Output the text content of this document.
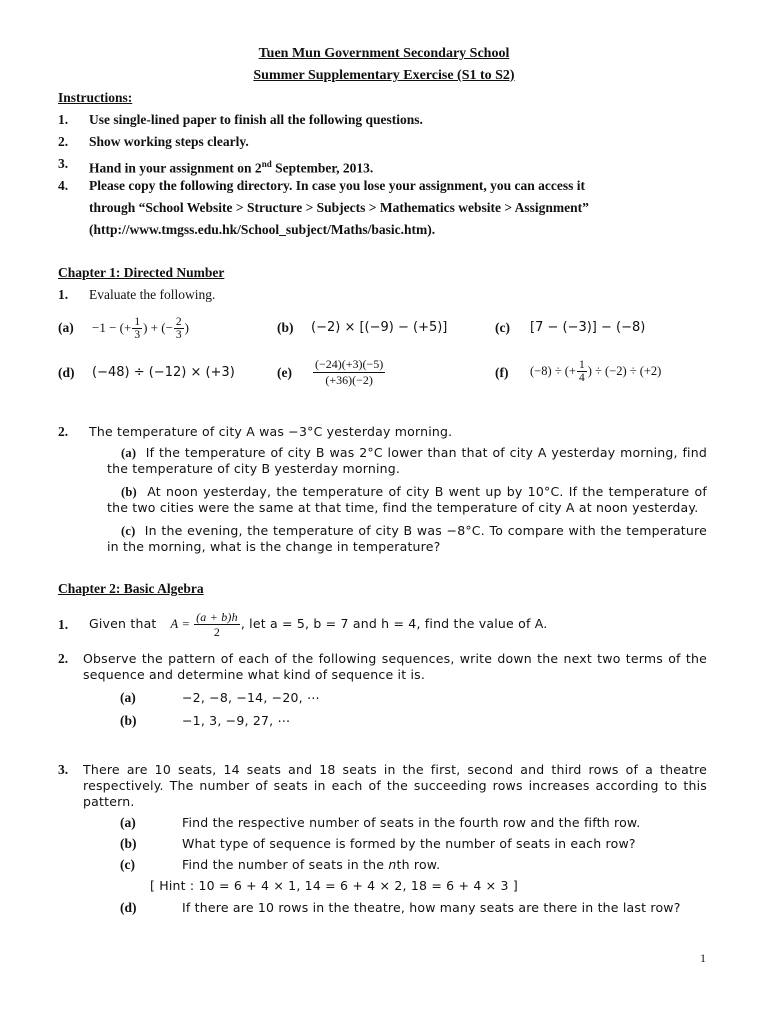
Tuen Mun Government Secondary School
Summer Supplementary Exercise (S1 to S2)
Instructions:
1. Use single-lined paper to finish all the following questions.
2. Show working steps clearly.
3. Hand in your assignment on 2nd September, 2013.
4. Please copy the following directory. In case you lose your assignment, you can access it
through “School Website > Structure > Subjects > Mathematics website > Assignment”
(http://www.tmgss.edu.hk/School_subject/Maths/basic.htm).
Chapter 1: Directed Number
1. Evaluate the following.
(a) −1 − (+ $\frac{1}{3}$ ) + (− $\frac{2}{3}$ )	(b) (−2) × [(−9) − (+5)]	(c) [7 − (−3)] − (−8)
(d) (−48) ÷ (−12) × (+3)	$(e) \frac{(-24)(+3)(-5)}{(+36)(-2)}$	(f) (−8) ÷ (+ $\frac{1}{4}$ ) ÷ (−2) ÷ (+2)
2. The temperature of city A was −3°C yesterday morning.
(a) If the temperature of city B was 2°C lower than that of city A yesterday morning, find the temperature of city B yesterday morning.
(b) At noon yesterday, the temperature of city B went up by 10°C. If the temperature of the two cities were the same at that time, find the temperature of city A at noon yesterday.
(c) In the evening, the temperature of city B was −8°C. To compare with the temperature in the morning, what is the change in temperature?
Chapter 2: Basic Algebra
1. Given that $A = \frac{(a + b)h}{2}$ , let a = 5, b = 7 and h = 4, find the value of A.
2. Observe the pattern of each of the following sequences, write down the next two terms of the sequence and determine what kind of sequence it is.
(a)	−2, −8, −14, −20, ⋯
(b)	−1, 3, −9, 27, ⋯
3. There are 10 seats, 14 seats and 18 seats in the first, second and third rows of a theatre respectively. The number of seats in each of the succeeding rows increases according to this pattern.
(a)	Find the respective number of seats in the fourth row and the fifth row.
(b)	What type of sequence is formed by the number of seats in each row?
(c)	Find the number of seats in the nth row.
[ Hint : 10 = 6 + 4 × 1, 14 = 6 + 4 × 2, 18 = 6 + 4 × 3 ]
(d)	If there are 10 rows in the theatre, how many seats are there in the last row?
1
